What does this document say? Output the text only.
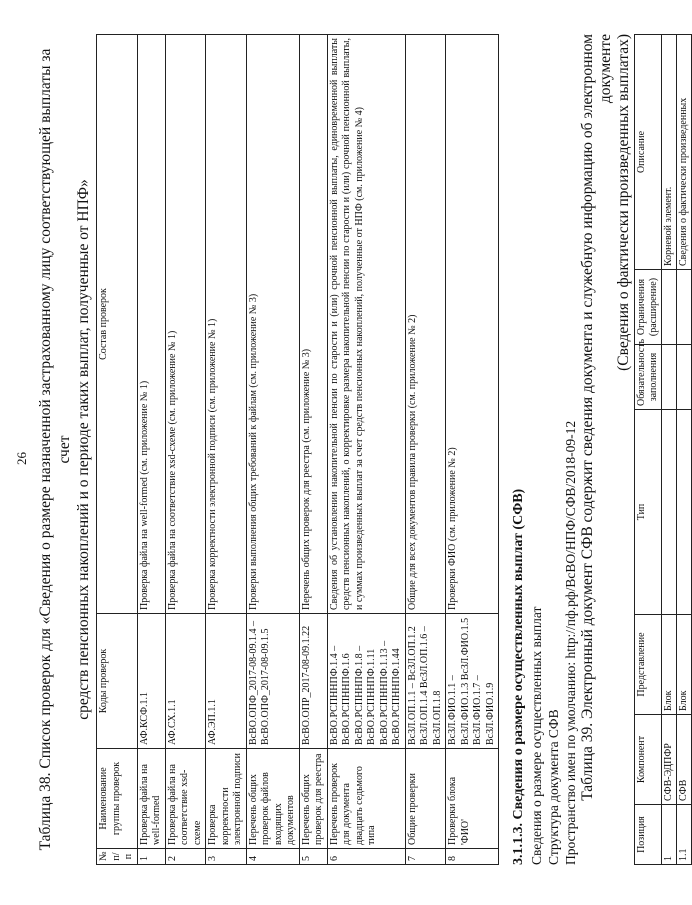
26 Таблица 38. Список проверок для «Сведения о размере назначенной застрахованному лицу соответствующей выплаты за счет средств пенсионных накоплений и о периоде таких выплат, полученные от НПФ»

№ п/п	Наименование группы проверок	Коды проверок	Состав проверок
1	Проверка файла на well-formed	АФ.КСФ.1.1	Проверка файла на well-formed (см. приложение № 1)
2	Проверка файла на соответствие xsd-схеме	АФ.СХ.1.1	Проверка файла на соответствие xsd-схеме (см. приложение № 1)
3	Проверка корректности электронной подписи	АФ.ЭП.1.1	Проверка корректности электронной подписи (см. приложение № 1)
4	Перечень общих проверок файлов входящих документов	ВсВО.ОПФ_2017-08-09.1.4 – ВсВО.ОПФ_2017-08-09.1.5	Проверки выполнения общих требований к файлам (см. приложение № 3)
5	Перечень общих проверок для реестра	ВсВО.ОПР_2017-08-09.1.22	Перечень общих проверок для реестра (см. приложение № 3)
6	Перечень проверок для документа двадцать седьмого типа	ВсВО.РСПННПФ.1.4 – ВсВО.РСПННПФ.1.6 ВсВО.РСПННПФ.1.8 – ВсВО.РСПННПФ.1.11 ВсВО.РСПННПФ.1.13 – ВсВО.РСПННПФ.1.44	Сведения об установлении накопительной пенсии по старости и (или) срочной пенсионной выплаты, единовременной выплаты средств пенсионных накоплений, о корректировке размера накопительной пенсии по старости и (или) срочной пенсионной выплаты, и суммах произведенных выплат за счет средств пенсионных накоплений, полученные от НПФ (см. приложение № 4)
7	Общие проверки	ВсЗЛ.ОП.1.1 – ВсЗЛ.ОП.1.2 ВсЗЛ.ОП.1.4 ВсЗЛ.ОП.1.6 – ВсЗЛ.ОП.1.8	Общие для всех документов правила проверки (см. приложение № 2)
8	Проверки блока 'ФИО'	ВсЗЛ.ФИО.1.1 – ВсЗЛ.ФИО.1.3 ВсЗЛ.ФИО.1.5 ВсЗЛ.ФИО.1.7 – ВсЗЛ.ФИО.1.9	Проверки ФИО (см. приложение № 2)	3.1.1.3. Сведения о размере осуществленных выплат (СФВ) Сведения о размере осуществленных выплат Структура документа СФВ Пространство имен по умолчанию: http://пф.рф/ВсВО/НПФ/СФВ/2018-09-12 Таблица 39. Электронный документ СФВ содержит сведения документа и служебную информацию об электронном документе (Сведения о фактически произведенных выплатах)

Позиция	Компонент	Представление	Тип	Обязательность заполнения	Ограничения (расширение)	Описание
1	СФВ-ЭДПФР	Блок				Корневой элемент.
1.1	СФВ	Блок				Сведения о фактически произведенных
